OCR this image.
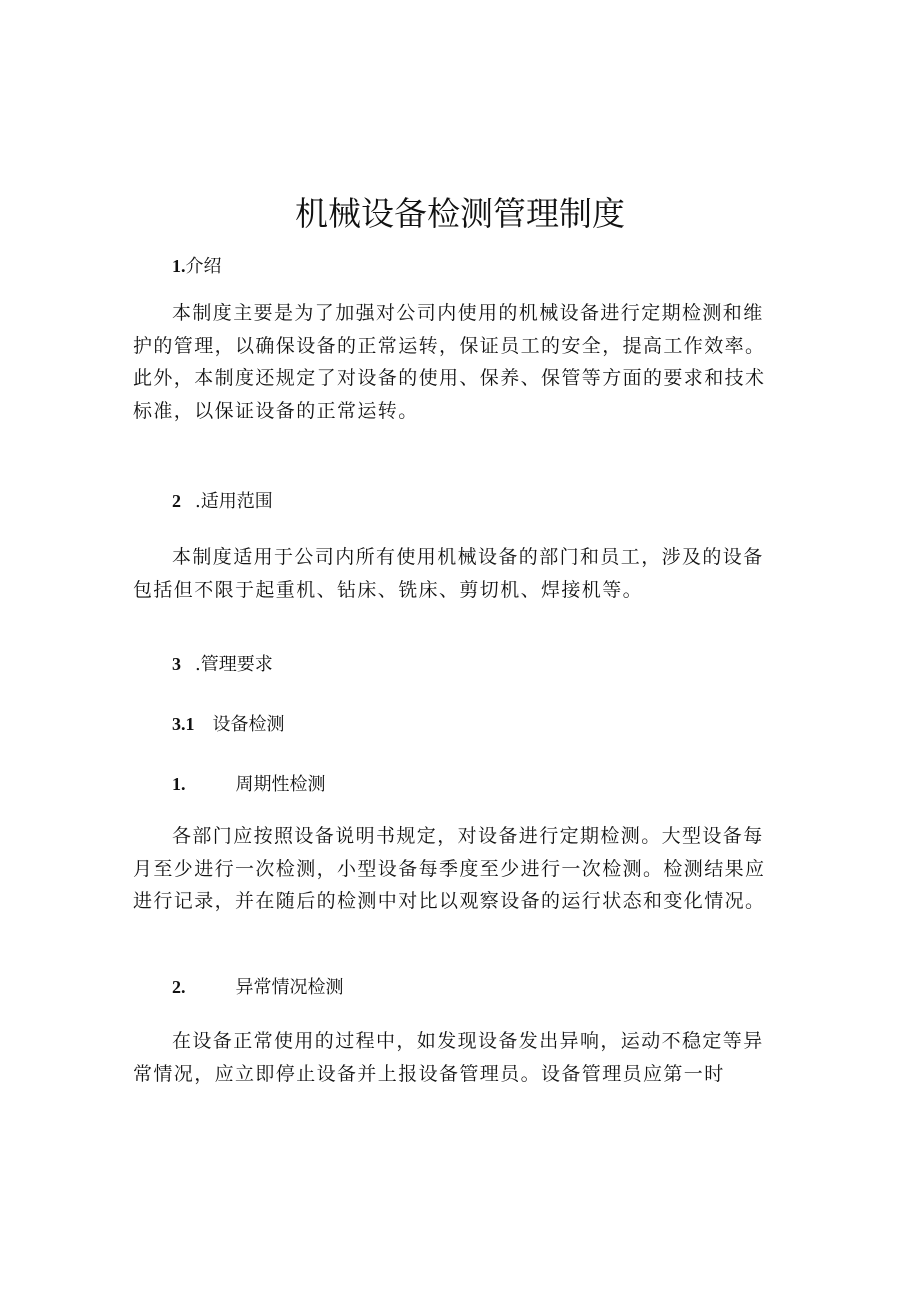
机械设备检测管理制度
1.介绍

本制度主要是为了加强对公司内使用的机械设备进行定期检测和维护的管理，以确保设备的正常运转，保证员工的安全，提高工作效率。此外，本制度还规定了对设备的使用、保养、保管等方面的要求和技术标准，以保证设备的正常运转。

2 .适用范围

本制度适用于公司内所有使用机械设备的部门和员工，涉及的设备包括但不限于起重机、钻床、铣床、剪切机、焊接机等。

3 .管理要求
3.1 设备检测
1.	周期性检测

各部门应按照设备说明书规定，对设备进行定期检测。大型设备每月至少进行一次检测，小型设备每季度至少进行一次检测。检测结果应进行记录，并在随后的检测中对比以观察设备的运行状态和变化情况。

2.	异常情况检测

在设备正常使用的过程中，如发现设备发出异响，运动不稳定等异常情况，应立即停止设备并上报设备管理员。设备管理员应第一时
